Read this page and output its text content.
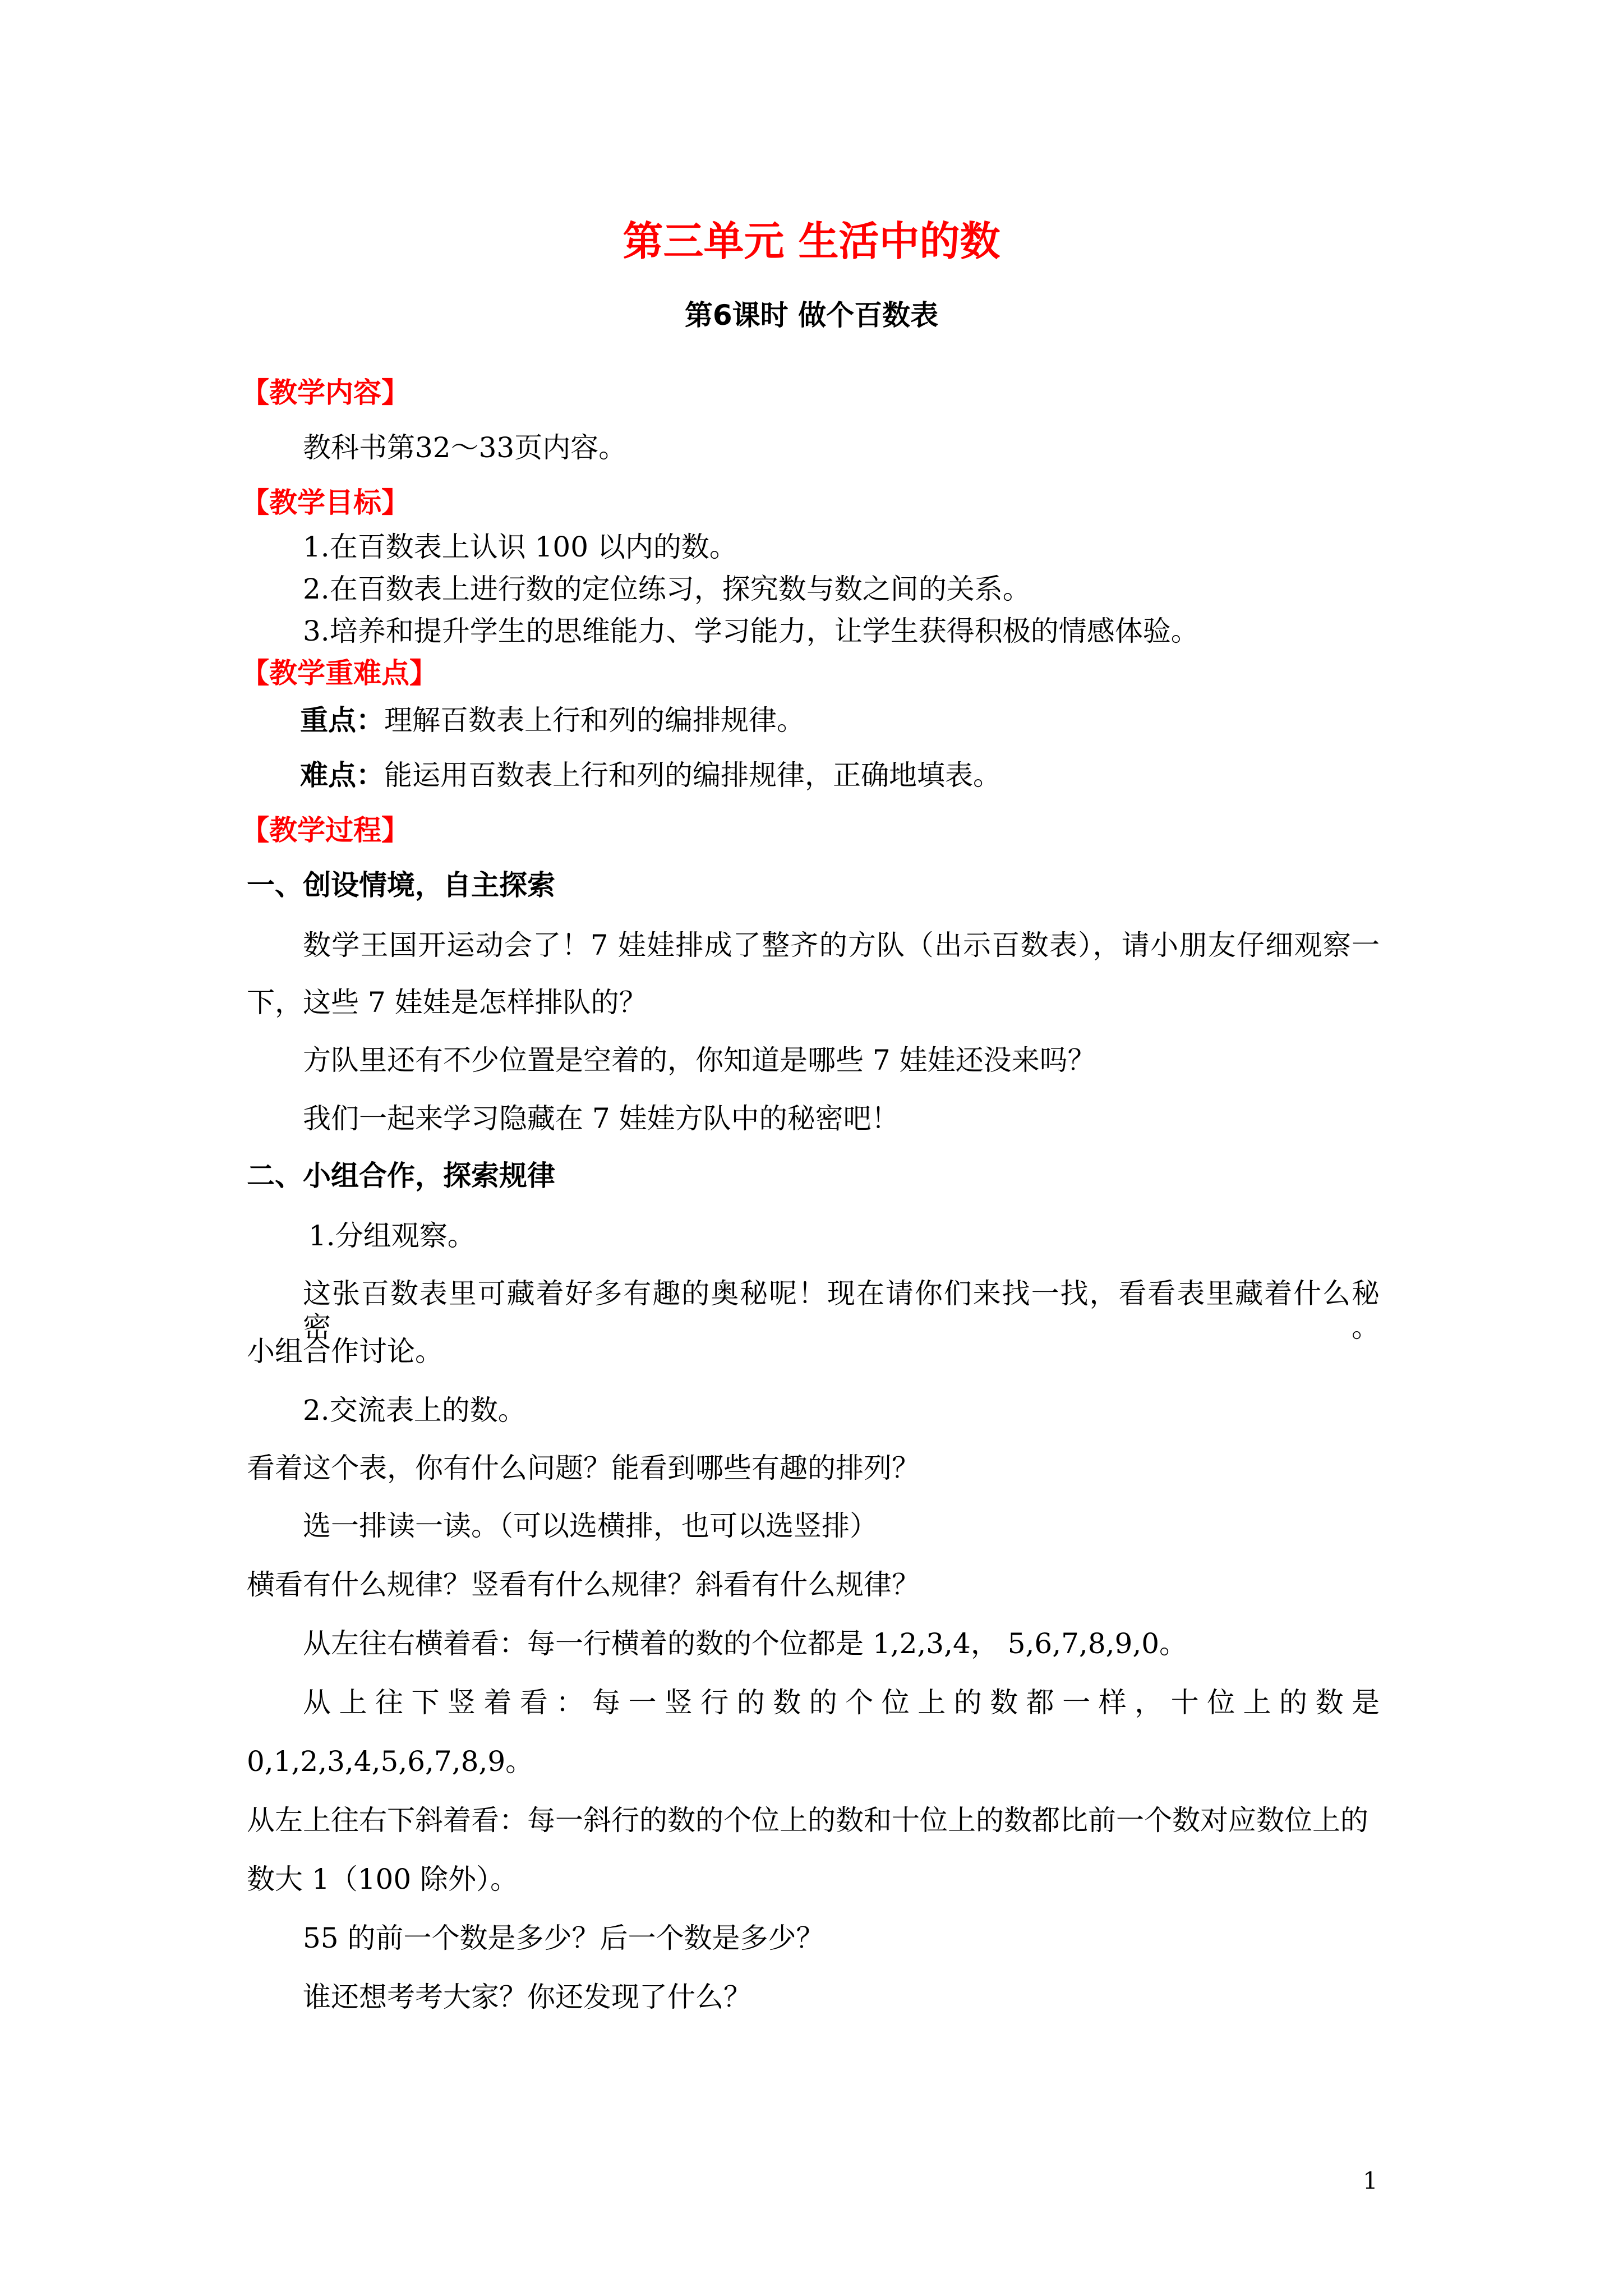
第三单元 生活中的数
第6课时 做个百数表
【教学内容】
教科书第32～33页内容。
【教学目标】
1.在百数表上认识 100 以内的数。
2.在百数表上进行数的定位练习，探究数与数之间的关系。
3.培养和提升学生的思维能力、学习能力，让学生获得积极的情感体验。
【教学重难点】
重点：理解百数表上行和列的编排规律。
难点：能运用百数表上行和列的编排规律，正确地填表。
【教学过程】
一、创设情境，自主探索
数学王国开运动会了！7 娃娃排成了整齐的方队（出示百数表），请小朋友仔细观察一
下，这些 7 娃娃是怎样排队的？
方队里还有不少位置是空着的，你知道是哪些 7 娃娃还没来吗？
我们一起来学习隐藏在 7 娃娃方队中的秘密吧！
二、小组合作，探索规律
1.分组观察。
这张百数表里可藏着好多有趣的奥秘呢！现在请你们来找一找，看看表里藏着什么秘密。
小组合作讨论。
2.交流表上的数。
看着这个表，你有什么问题？能看到哪些有趣的排列？
选一排读一读。（可以选横排，也可以选竖排）
横看有什么规律？竖看有什么规律？斜看有什么规律？
从左往右横着看：每一行横着的数的个位都是 1,2,3,4， 5,6,7,8,9,0。
从上往下竖着看：每一竖行的数的个位上的数都一样，十位上的数是
0,1,2,3,4,5,6,7,8,9。
从左上往右下斜着看：每一斜行的数的个位上的数和十位上的数都比前一个数对应数位上的
数大 1（100 除外）。
55 的前一个数是多少？后一个数是多少？
谁还想考考大家？你还发现了什么？
1
